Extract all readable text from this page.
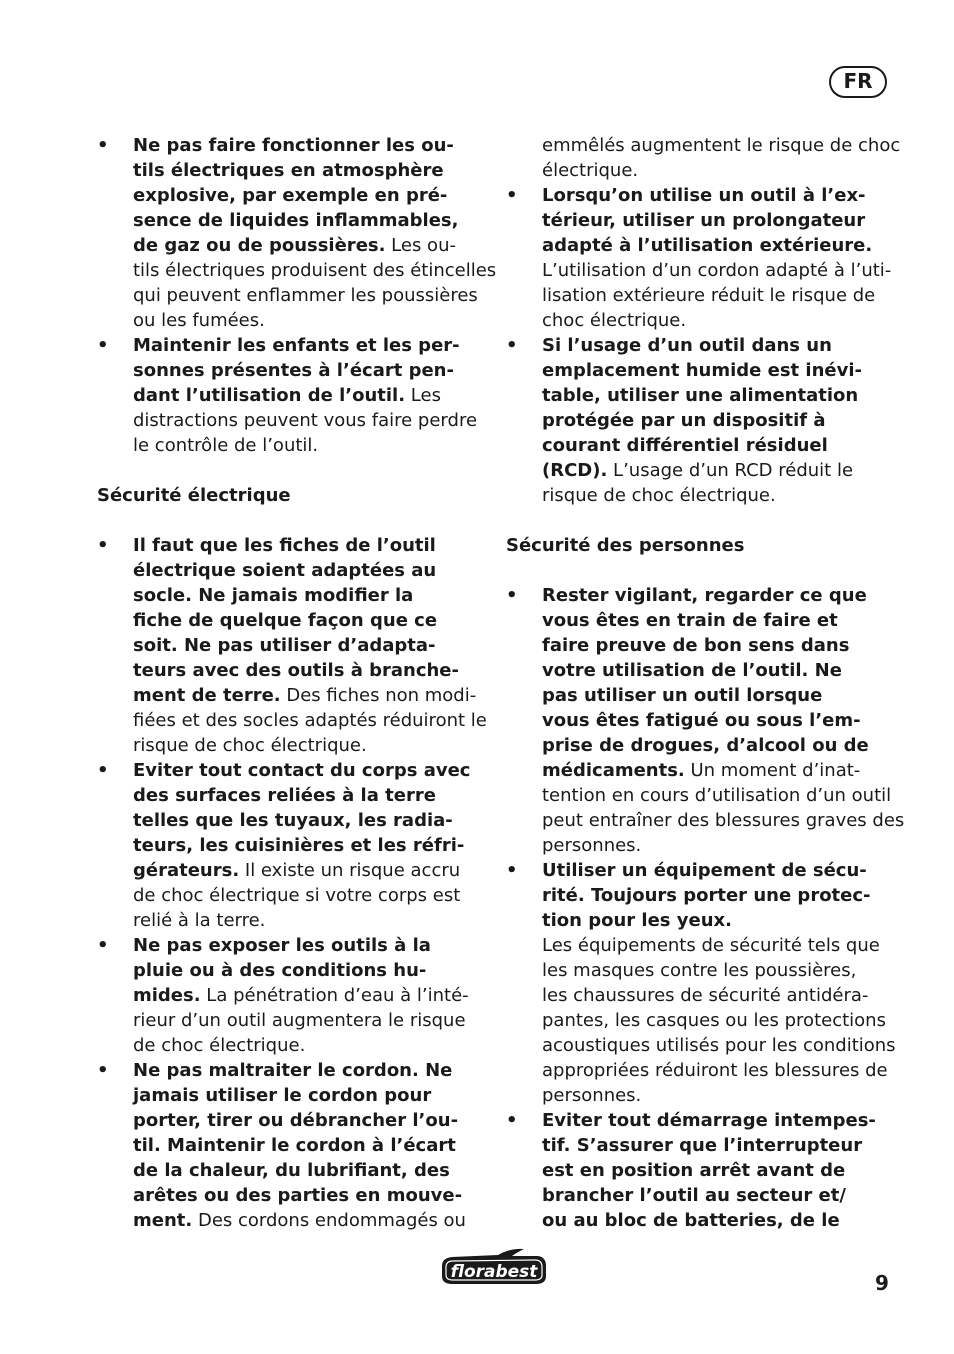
FR
• Ne pas faire fonctionner les ou-
tils électriques en atmosphère
explosive, par exemple en pré-
sence de liquides inflammables,
de gaz ou de poussières. Les ou-
tils électriques produisent des étincelles
qui peuvent enflammer les poussières
ou les fumées.
• Maintenir les enfants et les per-
sonnes présentes à l’écart pen-
dant l’utilisation de l’outil. Les
distractions peuvent vous faire perdre
le contrôle de l’outil.

Sécurité électrique

• Il faut que les fiches de l’outil
électrique soient adaptées au
socle. Ne jamais modifier la
fiche de quelque façon que ce
soit. Ne pas utiliser d’adapta-
teurs avec des outils à branche-
ment de terre. Des fiches non modi-
fiées et des socles adaptés réduiront le
risque de choc électrique.
• Eviter tout contact du corps avec
des surfaces reliées à la terre
telles que les tuyaux, les radia-
teurs, les cuisinières et les réfri-
gérateurs. Il existe un risque accru
de choc électrique si votre corps est
relié à la terre.
• Ne pas exposer les outils à la
pluie ou à des conditions hu-
mides. La pénétration d’eau à l’inté-
rieur d’un outil augmentera le risque
de choc électrique.
• Ne pas maltraiter le cordon. Ne
jamais utiliser le cordon pour
porter, tirer ou débrancher l’ou-
til. Maintenir le cordon à l’écart
de la chaleur, du lubrifiant, des
arêtes ou des parties en mouve-
ment. Des cordons endommagés ou
emmêlés augmentent le risque de choc
électrique.
• Lorsqu’on utilise un outil à l’ex-
térieur, utiliser un prolongateur
adapté à l’utilisation extérieure.
L’utilisation d’un cordon adapté à l’uti-
lisation extérieure réduit le risque de
choc électrique.
• Si l’usage d’un outil dans un
emplacement humide est inévi-
table, utiliser une alimentation
protégée par un dispositif à
courant différentiel résiduel
(RCD). L’usage d’un RCD réduit le
risque de choc électrique.

Sécurité des personnes

• Rester vigilant, regarder ce que
vous êtes en train de faire et
faire preuve de bon sens dans
votre utilisation de l’outil. Ne
pas utiliser un outil lorsque
vous êtes fatigué ou sous l’em-
prise de drogues, d’alcool ou de
médicaments. Un moment d’inat-
tention en cours d’utilisation d’un outil
peut entraîner des blessures graves des
personnes.
• Utiliser un équipement de sécu-
rité. Toujours porter une protec-
tion pour les yeux.
Les équipements de sécurité tels que
les masques contre les poussières,
les chaussures de sécurité antidéra-
pantes, les casques ou les protections
acoustiques utilisés pour les conditions
appropriées réduiront les blessures de
personnes.
• Eviter tout démarrage intempes-
tif. S’assurer que l’interrupteur
est en position arrêt avant de
brancher l’outil au secteur et/
ou au bloc de batteries, de le
florabest	9
